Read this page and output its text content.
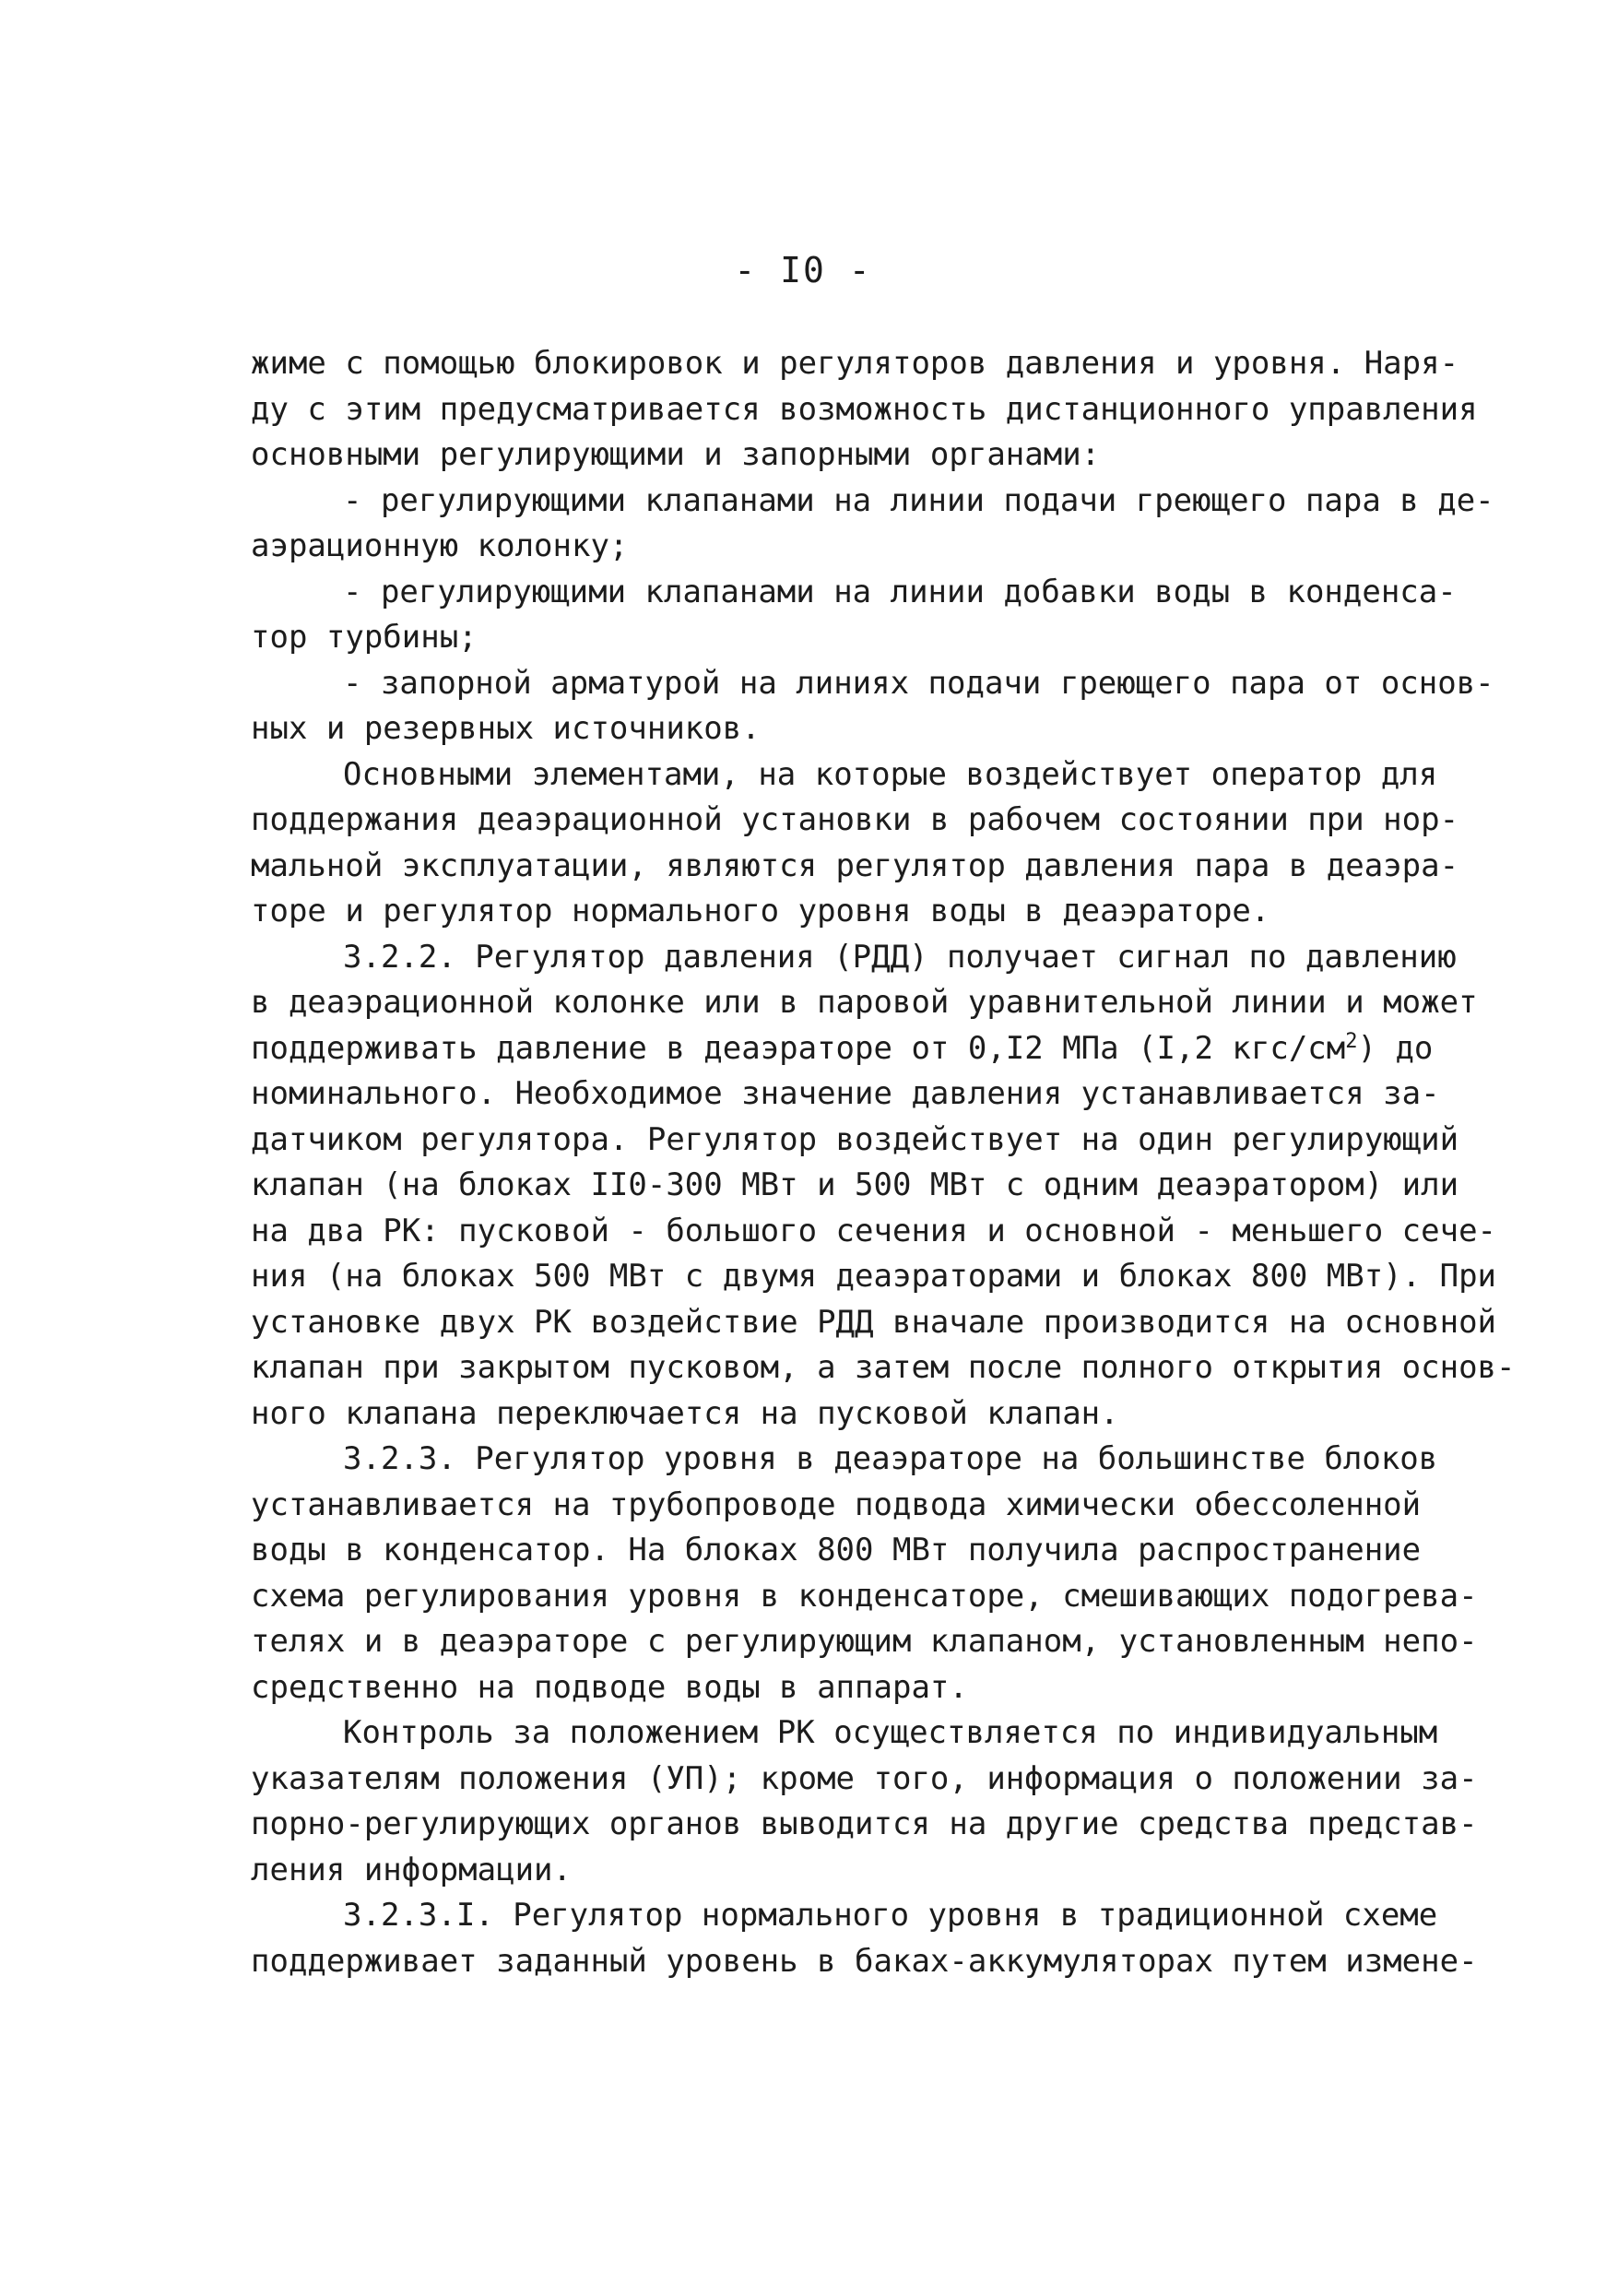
- I0 -
жиме с помощью блокировок и регуляторов давления и уровня. Наря-
ду с этим предусматривается возможность дистанционного управления
основными регулирующими и запорными органами:
- регулирующими клапанами на линии подачи греющего пара в де-
аэрационную колонку;
- регулирующими клапанами на линии добавки воды в конденса-
тор турбины;
- запорной арматурой на линиях подачи греющего пара от основ-
ных и резервных источников.
Основными элементами, на которые воздействует оператор для
поддержания деаэрационной установки в рабочем состоянии при нор-
мальной эксплуатации, являются регулятор давления пара в деаэра-
торе и регулятор нормального уровня воды в деаэраторе.
3.2.2. Регулятор давления (РДД) получает сигнал по давлению
в деаэрационной колонке или в паровой уравнительной линии и может
поддерживать давление в деаэраторе от 0,I2 МПа (I,2 кгс/$см^2$) до
номинального. Необходимое значение давления устанавливается за-
датчиком регулятора. Регулятор воздействует на один регулирующий
клапан (на блоках II0-300 МВт и 500 МВт с одним деаэратором) или
на два РК: пусковой - большого сечения и основной - меньшего сече-
ния (на блоках 500 МВт с двумя деаэраторами и блоках 800 МВт). При
установке двух РК воздействие РДД вначале производится на основной
клапан при закрытом пусковом, а затем после полного открытия основ-
ного клапана переключается на пусковой клапан.
3.2.3. Регулятор уровня в деаэраторе на большинстве блоков
устанавливается на трубопроводе подвода химически обессоленной
воды в конденсатор. На блоках 800 МВт получила распространение
схема регулирования уровня в конденсаторе, смешивающих подогрева-
телях и в деаэраторе с регулирующим клапаном, установленным непо-
средственно на подводе воды в аппарат.
Контроль за положением РК осуществляется по индивидуальным
указателям положения (УП); кроме того, информация о положении за-
порно-регулирующих органов выводится на другие средства представ-
ления информации.
3.2.3.I. Регулятор нормального уровня в традиционной схеме
поддерживает заданный уровень в баках-аккумуляторах путем измене-
